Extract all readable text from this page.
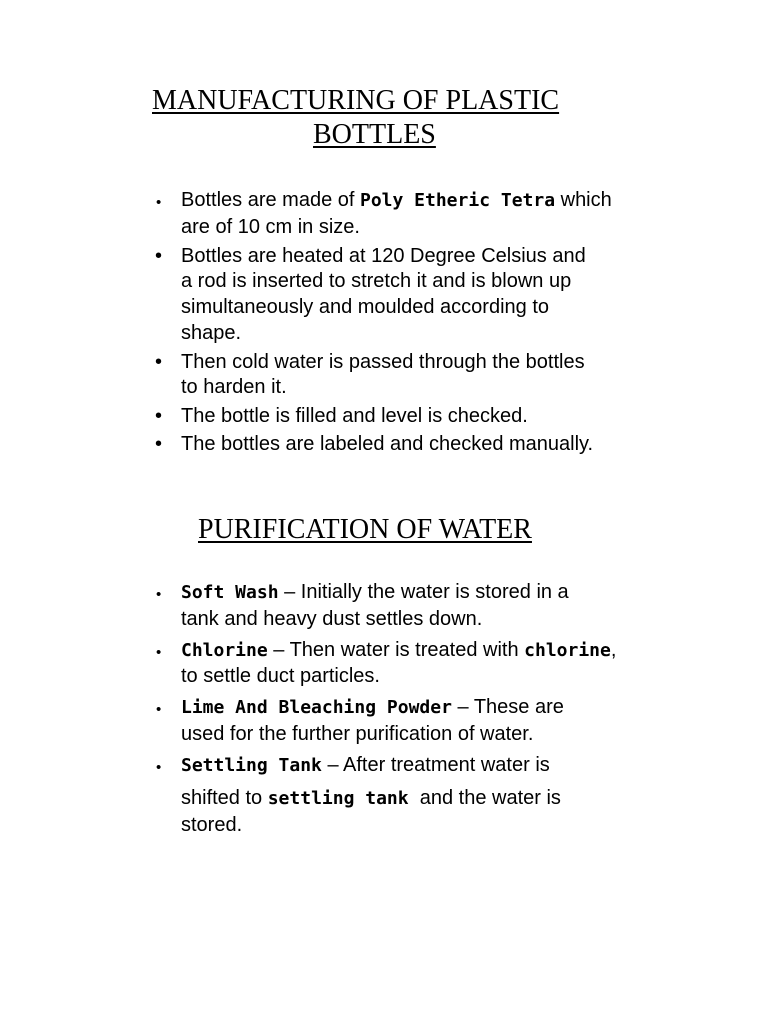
MANUFACTURING OF PLASTIC
BOTTLES
• Bottles are made of Poly Etheric Tetra which
are of 10 cm in size.
• Bottles are heated at 120 Degree Celsius and
a rod is inserted to stretch it and is blown up
simultaneously and moulded according to
shape.
• Then cold water is passed through the bottles
to harden it.
• The bottle is filled and level is checked.
• The bottles are labeled and checked manually.
PURIFICATION OF WATER
• Soft Wash – Initially the water is stored in a
tank and heavy dust settles down.
• Chlorine – Then water is treated with chlorine,
to settle duct particles.
• Lime And Bleaching Powder – These are
used for the further purification of water.
• Settling Tank – After treatment water is
shifted to settling tank  and the water is
stored.
